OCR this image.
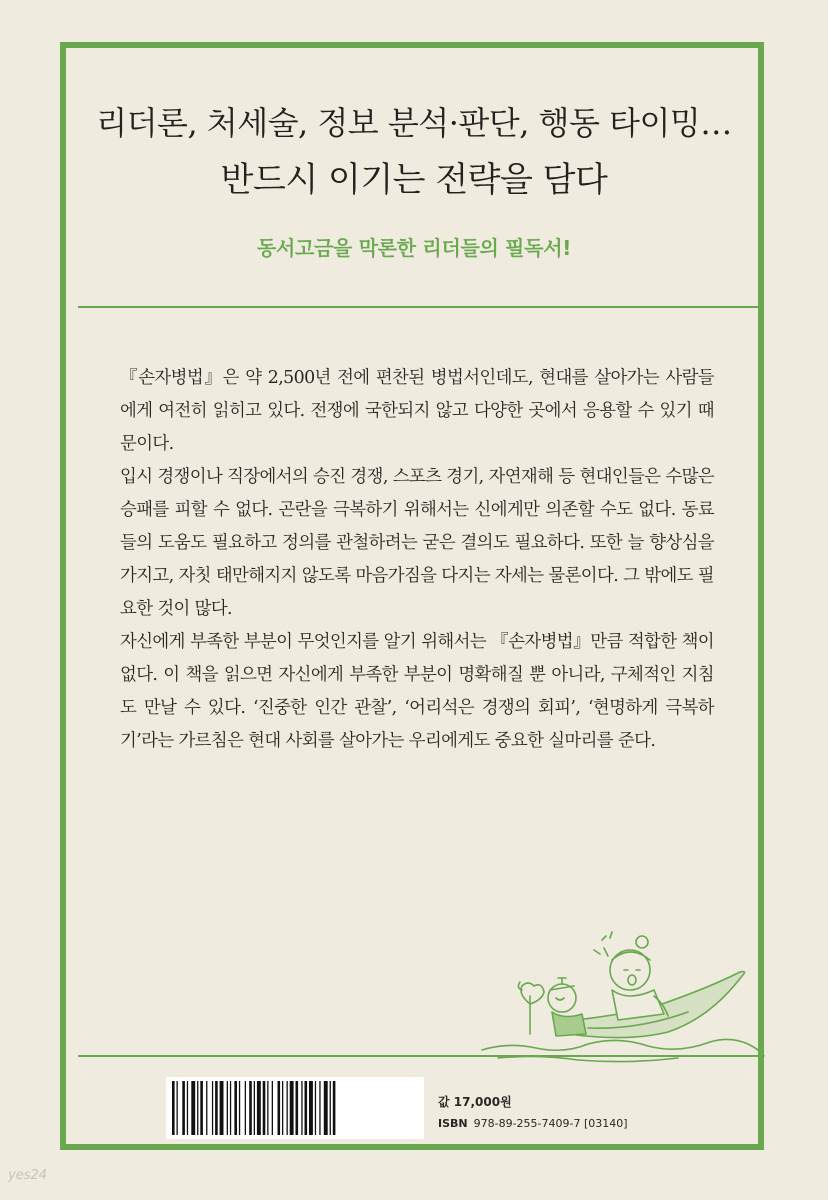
리더론, 처세술, 정보 분석·판단, 행동 타이밍…
반드시 이기는 전략을 담다
동서고금을 막론한 리더들의 필독서!

『손자병법』은 약 2,500년 전에 편찬된 병법서인데도, 현대를 살아가는 사람들에게 여전히 읽히고 있다. 전쟁에 국한되지 않고 다양한 곳에서 응용할 수 있기 때문이다.

입시 경쟁이나 직장에서의 승진 경쟁, 스포츠 경기, 자연재해 등 현대인들은 수많은 승패를 피할 수 없다. 곤란을 극복하기 위해서는 신에게만 의존할 수도 없다. 동료들의 도움도 필요하고 정의를 관철하려는 굳은 결의도 필요하다. 또한 늘 향상심을 가지고, 자칫 태만해지지 않도록 마음가짐을 다지는 자세는 물론이다. 그 밖에도 필요한 것이 많다.

자신에게 부족한 부분이 무엇인지를 알기 위해서는 『손자병법』만큼 적합한 책이 없다. 이 책을 읽으면 자신에게 부족한 부분이 명확해질 뿐 아니라, 구체적인 지침도 만날 수 있다. ‘진중한 인간 관찰’, ‘어리석은 경쟁의 회피’, ‘현명하게 극복하기’라는 가르침은 현대 사회를 살아가는 우리에게도 중요한 실마리를 준다.

값 17,000원
ISBN 978-89-255-7409-7 [03140]
yes24
